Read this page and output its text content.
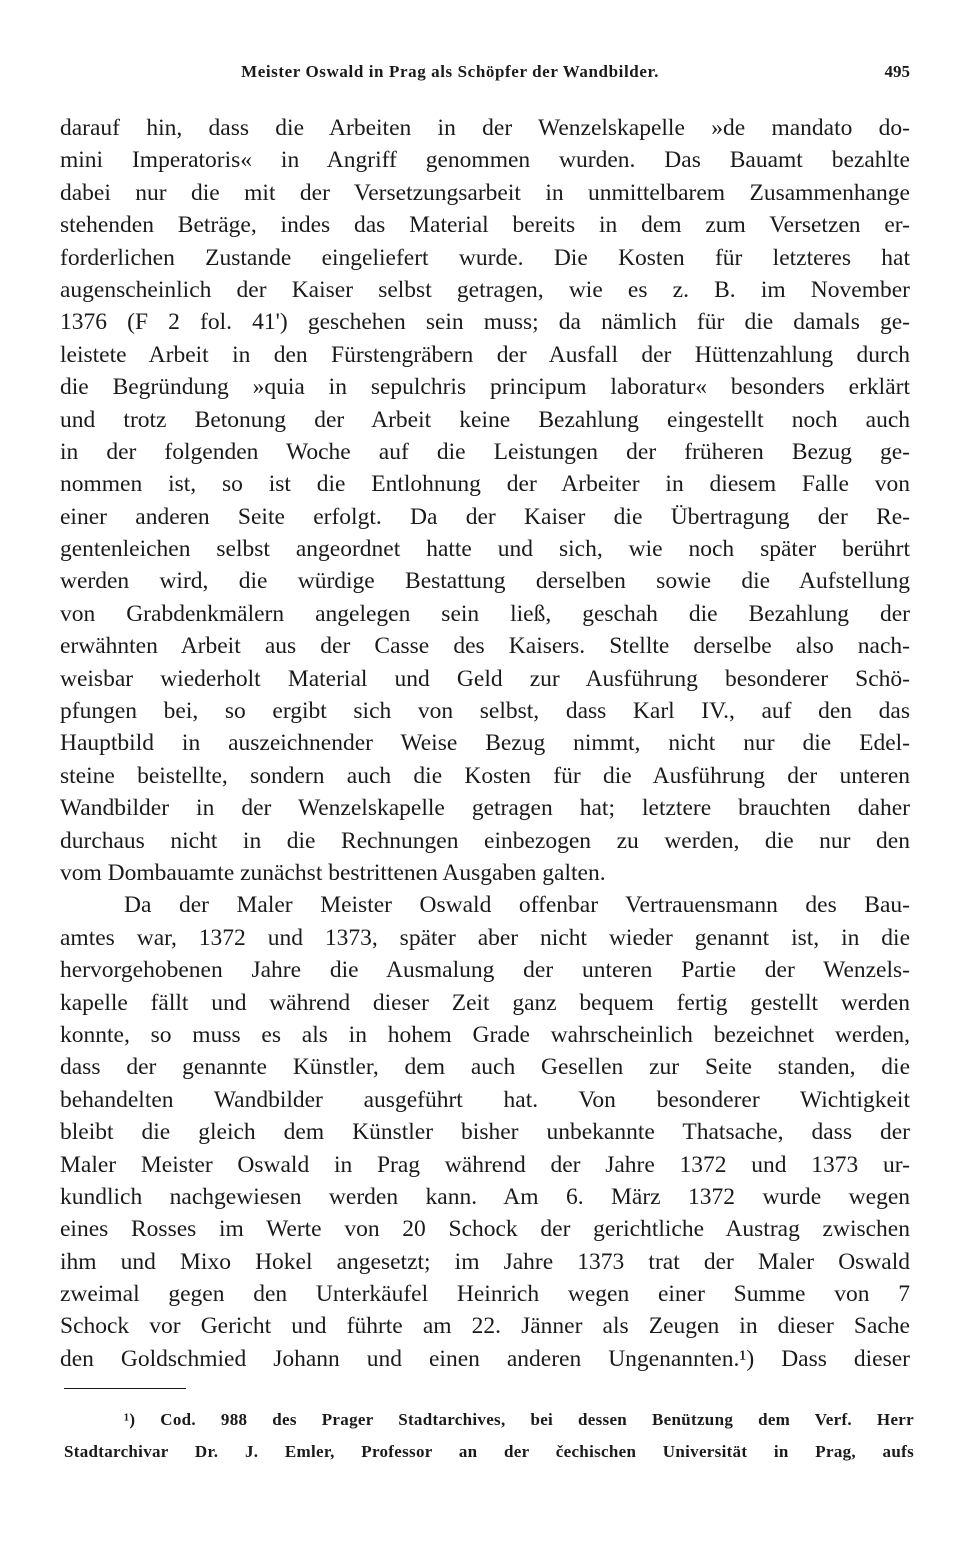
Meister Oswald in Prag als Schöpfer der Wandbilder.	495
darauf hin, dass die Arbeiten in der Wenzelskapelle »de mandato do-
mini Imperatoris« in Angriff genommen wurden. Das Bauamt bezahlte
dabei nur die mit der Versetzungsarbeit in unmittelbarem Zusammenhange
stehenden Beträge, indes das Material bereits in dem zum Versetzen er-
forderlichen Zustande eingeliefert wurde. Die Kosten für letzteres hat
augenscheinlich der Kaiser selbst getragen, wie es z. B. im November
1376 (F 2 fol. 41') geschehen sein muss; da nämlich für die damals ge-
leistete Arbeit in den Fürstengräbern der Ausfall der Hüttenzahlung durch
die Begründung »quia in sepulchris principum laboratur« besonders erklärt
und trotz Betonung der Arbeit keine Bezahlung eingestellt noch auch
in der folgenden Woche auf die Leistungen der früheren Bezug ge-
nommen ist, so ist die Entlohnung der Arbeiter in diesem Falle von
einer anderen Seite erfolgt. Da der Kaiser die Übertragung der Re-
gentenleichen selbst angeordnet hatte und sich, wie noch später berührt
werden wird, die würdige Bestattung derselben sowie die Aufstellung
von Grabdenkmälern angelegen sein ließ, geschah die Bezahlung der
erwähnten Arbeit aus der Casse des Kaisers. Stellte derselbe also nach-
weisbar wiederholt Material und Geld zur Ausführung besonderer Schö-
pfungen bei, so ergibt sich von selbst, dass Karl IV., auf den das
Hauptbild in auszeichnender Weise Bezug nimmt, nicht nur die Edel-
steine beistellte, sondern auch die Kosten für die Ausführung der unteren
Wandbilder in der Wenzelskapelle getragen hat; letztere brauchten daher
durchaus nicht in die Rechnungen einbezogen zu werden, die nur den
vom Dombauamte zunächst bestrittenen Ausgaben galten.
Da der Maler Meister Oswald offenbar Vertrauensmann des Bau-
amtes war, 1372 und 1373, später aber nicht wieder genannt ist, in die
hervorgehobenen Jahre die Ausmalung der unteren Partie der Wenzels-
kapelle fällt und während dieser Zeit ganz bequem fertig gestellt werden
konnte, so muss es als in hohem Grade wahrscheinlich bezeichnet werden,
dass der genannte Künstler, dem auch Gesellen zur Seite standen, die
behandelten Wandbilder ausgeführt hat. Von besonderer Wichtigkeit
bleibt die gleich dem Künstler bisher unbekannte Thatsache, dass der
Maler Meister Oswald in Prag während der Jahre 1372 und 1373 ur-
kundlich nachgewiesen werden kann. Am 6. März 1372 wurde wegen
eines Rosses im Werte von 20 Schock der gerichtliche Austrag zwischen
ihm und Mixo Hokel angesetzt; im Jahre 1373 trat der Maler Oswald
zweimal gegen den Unterkäufel Heinrich wegen einer Summe von 7
Schock vor Gericht und führte am 22. Jänner als Zeugen in dieser Sache
den Goldschmied Johann und einen anderen Ungenannten.¹) Dass dieser
¹) Cod. 988 des Prager Stadtarchives, bei dessen Benützung dem Verf. Herr
Stadtarchivar Dr. J. Emler, Professor an der čechischen Universität in Prag, aufs
